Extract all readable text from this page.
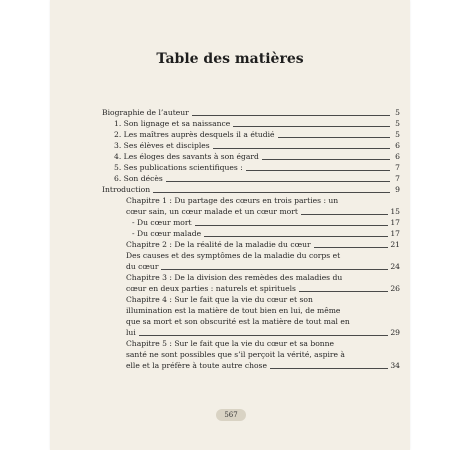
Table des matières
Biographie de l’auteur	5
1. Son lignage et sa naissance	5
2. Les maîtres auprès desquels il a étudié	5
3. Ses élèves et disciples	6
4. Les éloges des savants à son égard	6
5. Ses publications scientifiques :	7
6. Son décès	7
Introduction	9
Chapitre 1 : Du partage des cœurs en trois parties : un
cœur sain, un cœur malade et un cœur mort	15
- Du cœur mort	17
- Du cœur malade	17
Chapitre 2 : De la réalité de la maladie du cœur	21
Des causes et des symptômes de la maladie du corps et
du cœur	24
Chapitre 3 : De la division des remèdes des maladies du
cœur en deux parties : naturels et spirituels	26
Chapitre 4 : Sur le fait que la vie du cœur et son
illumination est la matière de tout bien en lui, de même
que sa mort et son obscurité est la matière de tout mal en
lui	29
Chapitre 5 : Sur le fait que la vie du cœur et sa bonne
santé ne sont possibles que s’il perçoit la vérité, aspire à
elle et la préfère à toute autre chose	34
567
